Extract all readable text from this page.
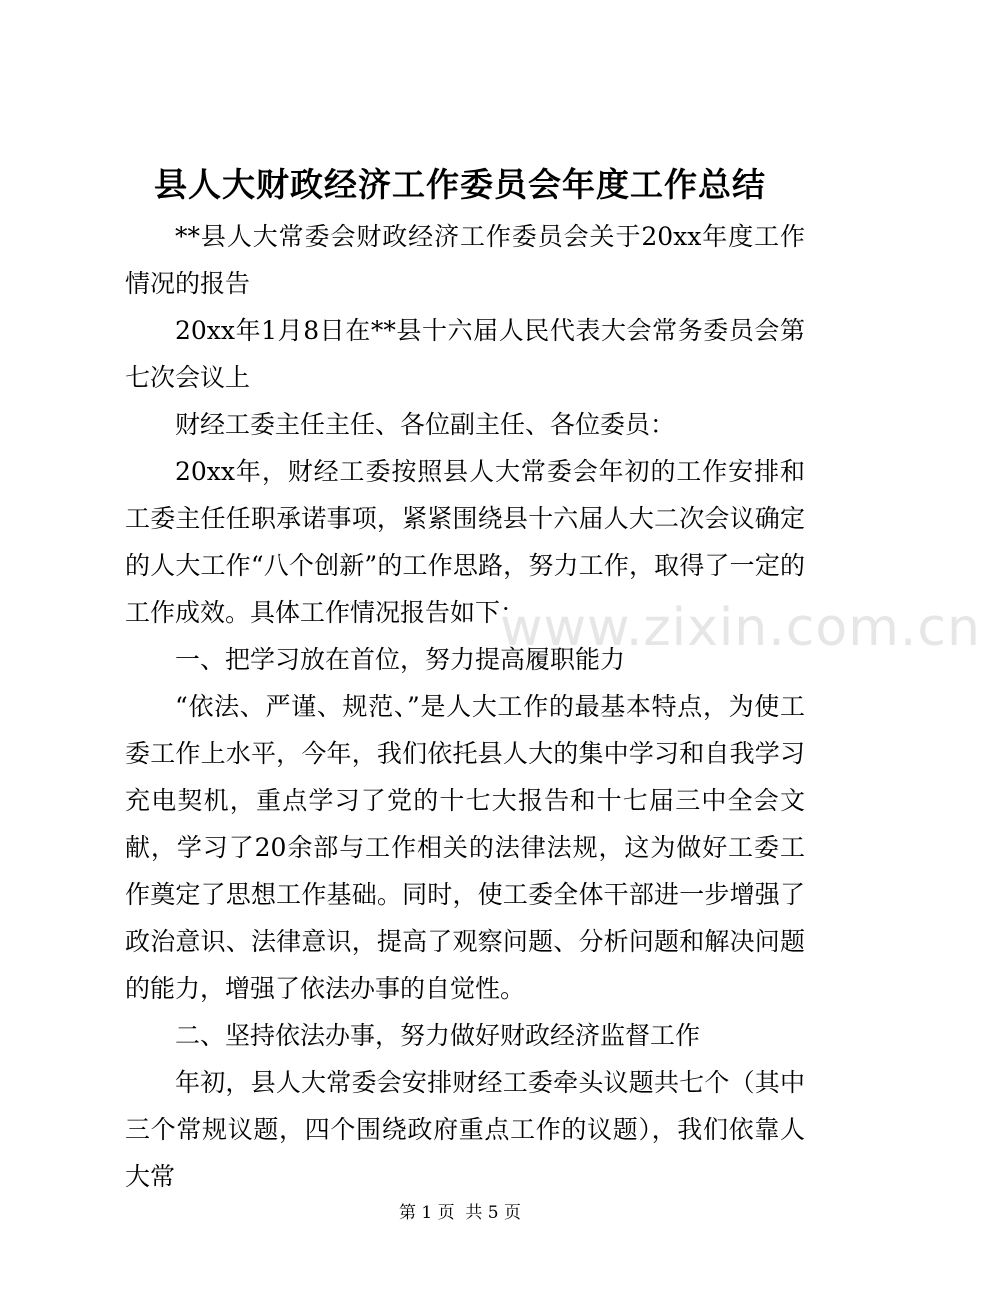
县人大财政经济工作委员会年度工作总结

**县人大常委会财政经济工作委员会关于20xx年度工作情况的报告

20xx年1月8日在**县十六届人民代表大会常务委员会第七次会议上

财经工委主任主任、各位副主任、各位委员：

20xx年，财经工委按照县人大常委会年初的工作安排和工委主任任职承诺事项，紧紧围绕县十六届人大二次会议确定的人大工作“八个创新”的工作思路，努力工作，取得了一定的工作成效。具体工作情况报告如下：

一、把学习放在首位，努力提高履职能力

“依法、严谨、规范、”是人大工作的最基本特点，为使工委工作上水平，今年，我们依托县人大的集中学习和自我学习充电契机，重点学习了党的十七大报告和十七届三中全会文献，学习了20余部与工作相关的法律法规，这为做好工委工作奠定了思想工作基础。同时，使工委全体干部进一步增强了政治意识、法律意识，提高了观察问题、分析问题和解决问题的能力，增强了依法办事的自觉性。

二、坚持依法办事，努力做好财政经济监督工作

年初，县人大常委会安排财经工委牵头议题共七个（其中三个常规议题，四个围绕政府重点工作的议题），我们依靠人大常

www.zixin.com.cn
第 1 页  共 5 页
